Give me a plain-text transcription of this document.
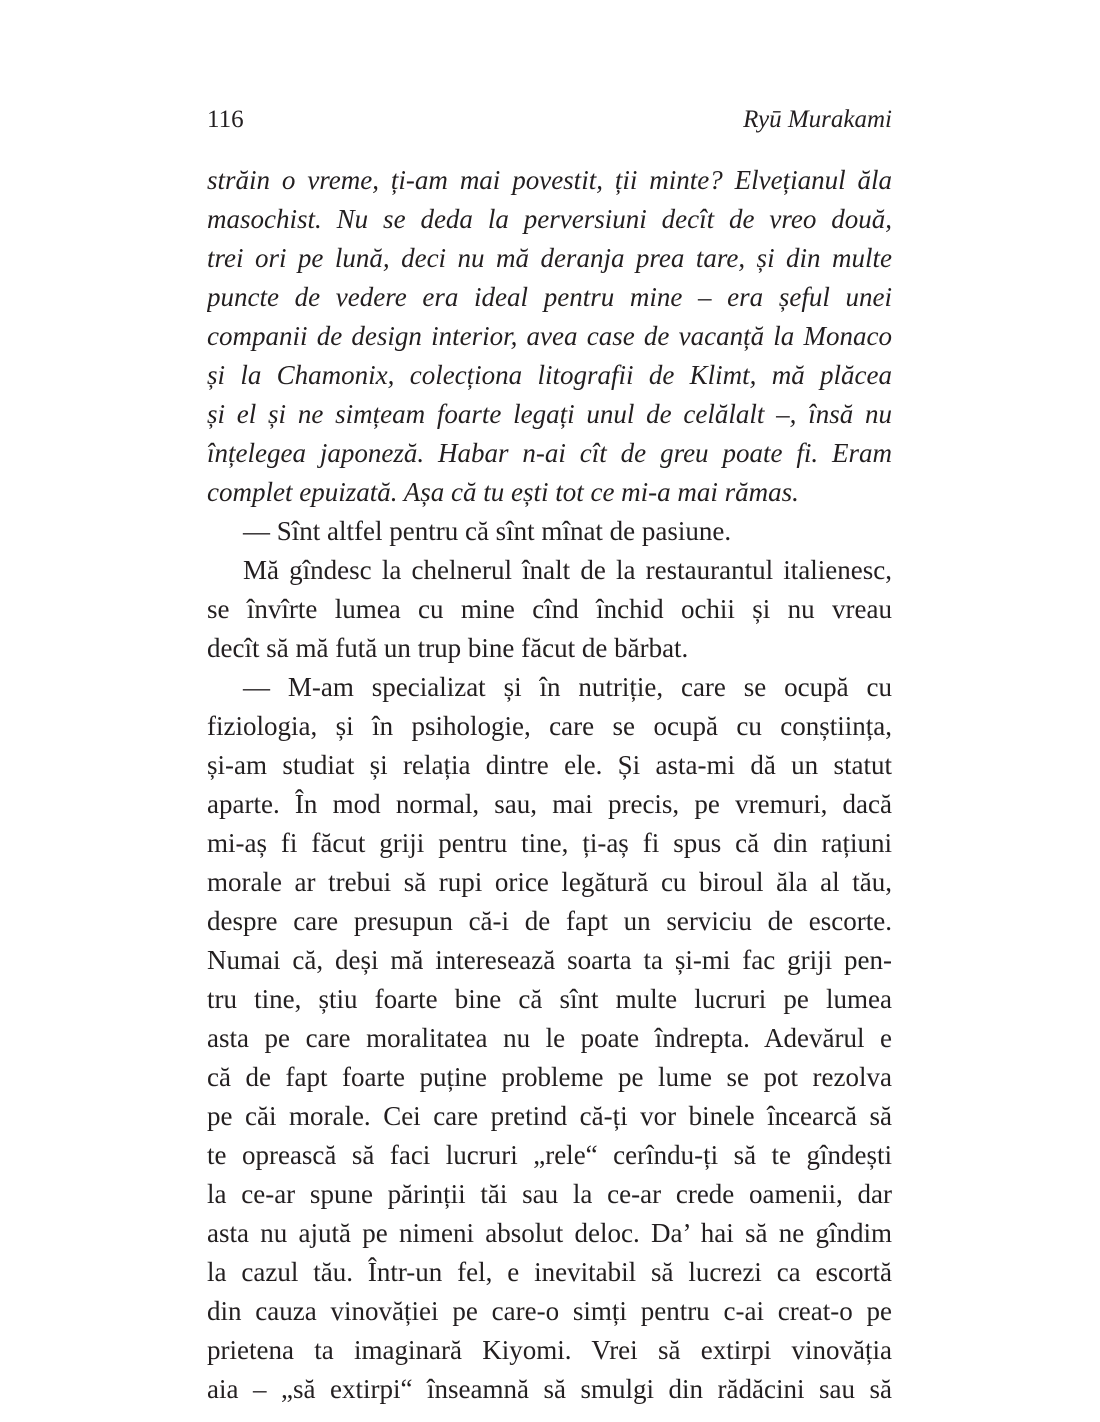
116	Ryū Murakami
străin o vreme, ți-am mai povestit, ții minte? Elvețianul ăla
masochist. Nu se deda la perversiuni decît de vreo două,
trei ori pe lună, deci nu mă deranja prea tare, și din multe
puncte de vedere era ideal pentru mine – era șeful unei
companii de design interior, avea case de vacanță la Monaco
și la Chamonix, colecționa litografii de Klimt, mă plăcea
și el și ne simțeam foarte legați unul de celălalt –, însă nu
înțelegea japoneză. Habar n-ai cît de greu poate fi. Eram
complet epuizată. Așa că tu ești tot ce mi-a mai rămas.
— Sînt altfel pentru că sînt mînat de pasiune.
Mă gîndesc la chelnerul înalt de la restaurantul italienesc,
se învîrte lumea cu mine cînd închid ochii și nu vreau
decît să mă fută un trup bine făcut de bărbat.
— M-am specializat și în nutriție, care se ocupă cu
fiziologia, și în psihologie, care se ocupă cu conștiința,
și-am studiat și relația dintre ele. Și asta-mi dă un statut
aparte. În mod normal, sau, mai precis, pe vremuri, dacă
mi-aș fi făcut griji pentru tine, ți-aș fi spus că din rațiuni
morale ar trebui să rupi orice legătură cu biroul ăla al tău,
despre care presupun că-i de fapt un serviciu de escorte.
Numai că, deși mă interesează soarta ta și-mi fac griji pen-
tru tine, știu foarte bine că sînt multe lucruri pe lumea
asta pe care moralitatea nu le poate îndrepta. Adevărul e
că de fapt foarte puține probleme pe lume se pot rezolva
pe căi morale. Cei care pretind că-ți vor binele încearcă să
te oprească să faci lucruri „rele“ cerîndu-ți să te gîndești
la ce-ar spune părinții tăi sau la ce-ar crede oamenii, dar
asta nu ajută pe nimeni absolut deloc. Da’ hai să ne gîndim
la cazul tău. Într-un fel, e inevitabil să lucrezi ca escortă
din cauza vinovăției pe care-o simți pentru c-ai creat-o pe
prietena ta imaginară Kiyomi. Vrei să extirpi vinovăția
aia – „să extirpi“ înseamnă să smulgi din rădăcini sau să
